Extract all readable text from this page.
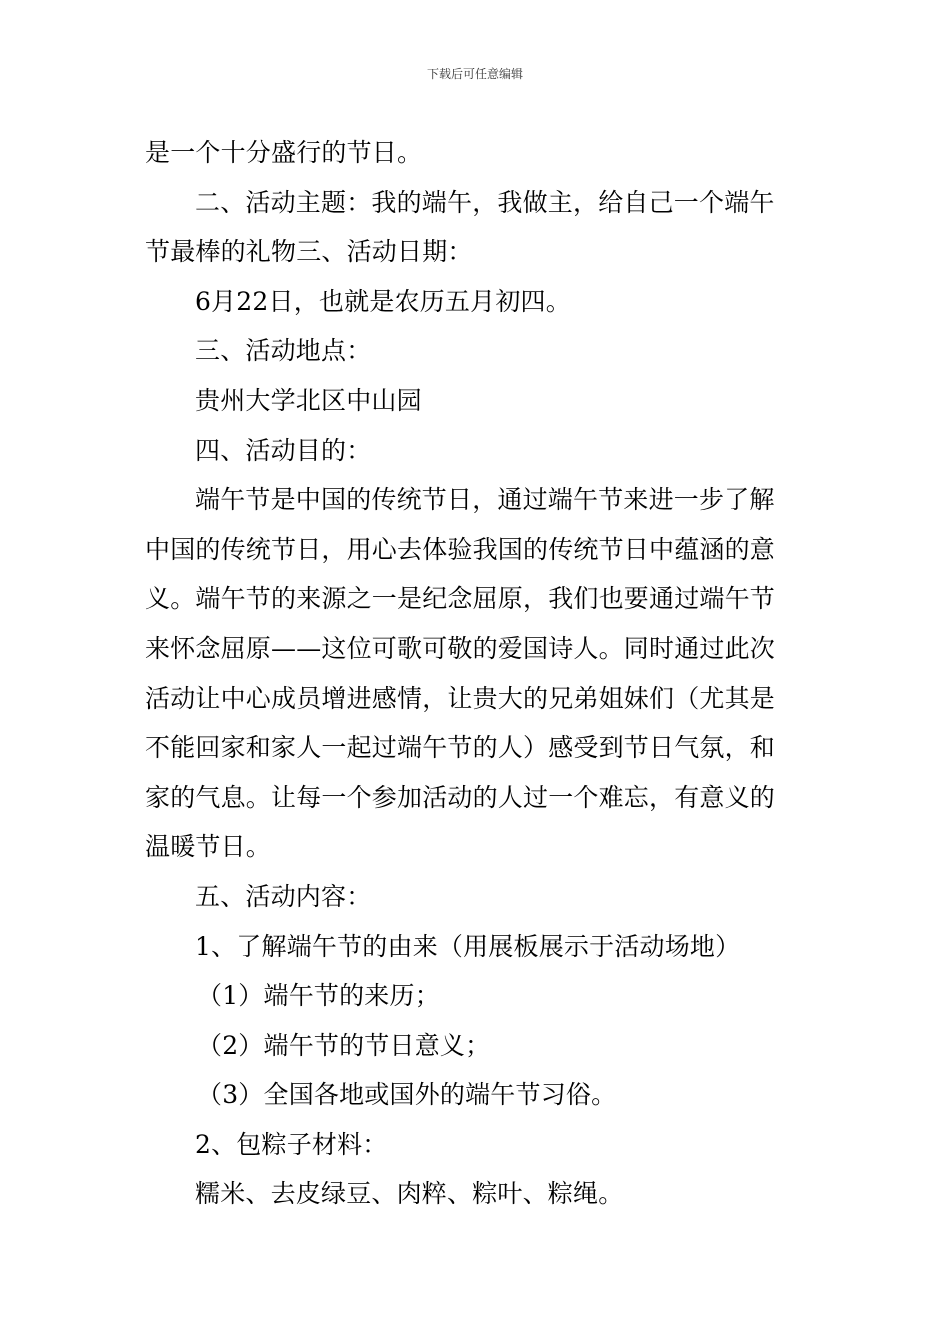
下载后可任意编辑

是一个十分盛行的节日。

二、活动主题：我的端午，我做主，给自己一个端午

节最棒的礼物三、活动日期：

6月22日，也就是农历五月初四。

三、活动地点：

贵州大学北区中山园

四、活动目的：

端午节是中国的传统节日，通过端午节来进一步了解

中国的传统节日，用心去体验我国的传统节日中蕴涵的意

义。端午节的来源之一是纪念屈原，我们也要通过端午节

来怀念屈原——这位可歌可敬的爱国诗人。同时通过此次

活动让中心成员增进感情，让贵大的兄弟姐妹们（尤其是

不能回家和家人一起过端午节的人）感受到节日气氛，和

家的气息。让每一个参加活动的人过一个难忘，有意义的

温暖节日。

五、活动内容：

1、了解端午节的由来（用展板展示于活动场地）

（1）端午节的来历；

（2）端午节的节日意义；

（3）全国各地或国外的端午节习俗。

2、包粽子材料：

糯米、去皮绿豆、肉粹、粽叶、粽绳。
